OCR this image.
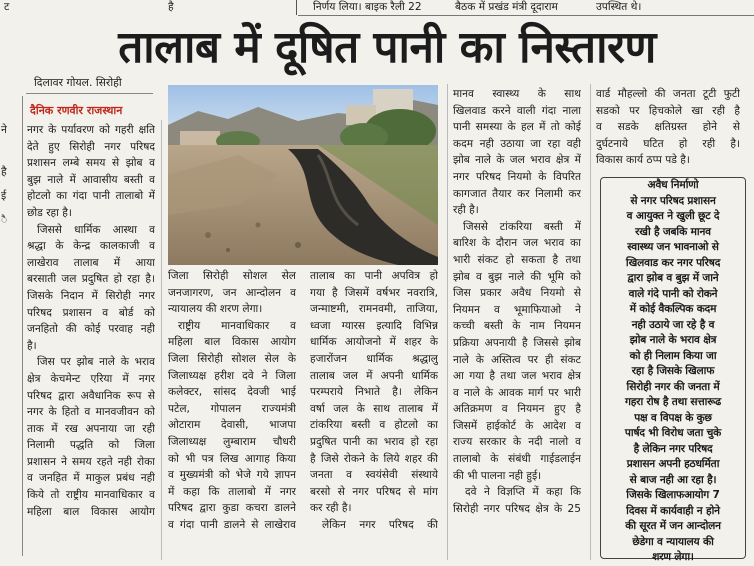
ट	है	निर्णय लिया। बाइक रैली 22	बैठक में प्रखंड मंत्री दूदाराम	उपस्थित थे।
ने
है
ई
ै
तालाब में दूषित पानी का निस्तारण
दिलावर गोयल. सिरोही
दैनिक रणवीर राजस्थान
नगर के पर्यावरण को गहरी क्षति
देते हुए सिरोही नगर परिषद
प्रशासन लम्बे समय से झोब व
बुझ नाले में आवासीय बस्ती व
होटलो का गंदा पानी तालाबो में
छोड रहा है।
जिससे धार्मिक आस्था व
श्रद्धा के केन्द्र कालकाजी व
लाखेराव तालाब में आया
बरसाती जल प्रदुषित हो रहा है।
जिसके निदान में सिरोही नगर
परिषद प्रशासन व बोर्ड को
जनहितो की कोई परवाह नही
है।
जिस पर झोब नाले के भराव
क्षेत्र केचमेन्ट एरिया में नगर
परिषद द्वारा अवैधानिक रूप से
नगर के हितो व मानवजीवन को
ताक में रख अपनाया जा रही
निलामी पद्धति को जिला
प्रशासन ने समय रहते नही रोका
व जनहित में माकुल प्रबंध नही
किये तो राष्ट्रीय मानवाधिकार व
महिला बाल विकास आयोग
जिला सिरोही सोशल सेल
जनजागरण, जन आन्दोलन व
न्यायालय की शरण लेगा।
राष्ट्रीय मानवाधिकार व
महिला बाल विकास आयोग
जिला सिरोही सोशल सेल के
जिलाध्यक्ष हरीश दवे ने जिला
कलेक्टर, सांसद देवजी भाई
पटेल, गोपालन राज्यमंत्री
ओटाराम देवासी, भाजपा
जिलाध्यक्ष लुम्बाराम चौधरी
को भी पत्र लिख आगाह किया
व मुख्यमंत्री को भेजे गये ज्ञापन
में कहा कि तालाबो में नगर
परिषद द्वारा कुडा कचरा डालने
व गंदा पानी डालने से लाखेराव
तालाब का पानी अपवित्र हो
गया है जिसमें वर्षभर नवरात्रि,
जन्माष्टमी, रामनवमी, ताजिया,
ध्वजा ग्यारस इत्यादि विभिन्न
धार्मिक आयोजनो में शहर के
हजारोंजन धार्मिक श्रद्धालु
तालाब जल में अपनी धार्मिक
परम्पराये निभाते है। लेकिन
वर्षा जल के साथ तालाब में
टांकरिया बस्ती व होटलो का
प्रदुषित पानी का भराव हो रहा
है जिसे रोकने के लिये शहर की
जनता व स्वयंसेवी संस्थाये
बरसो से नगर परिषद से मांग
कर रही है।
लेकिन नगर परिषद की
मानव स्वास्थ्य के साथ
खिलवाड करने वाली गंदा नाला
पानी समस्या के हल में तो कोई
कदम नही उठाया जा रहा वही
झोब नाले के जल भराव क्षेत्र में
नगर परिषद नियमो के विपरित
कागजात तैयार कर निलामी कर
रही है।
जिससे टांकरिया बस्ती में
बारिश के दौरान जल भराव का
भारी संकट हो सकता है तथा
झोब व बुझ नाले की भूमि को
जिस प्रकार अवैध नियमो से
नियमन व भूमाफियाओ ने
कच्ची बस्ती के नाम नियमन
प्रक्रिया अपनायी है जिससे झोब
नाले के अस्तित्व पर ही संकट
आ गया है तथा जल भराव क्षेत्र
व नाले के आवक मार्ग पर भारी
अतिक्रमण व नियमन हुए है
जिसमें हाईकोर्ट के आदेश व
राज्य सरकार के नदी नालो व
तालाबो के संबंधी गाईडलाईन
की भी पालना नही हुई।
दवे ने विज्ञप्ति में कहा कि
सिरोही नगर परिषद क्षेत्र के 25
वार्ड मौहल्लो की जनता टूटी फुटी
सडको पर हिचकोले खा रही है
व सडके क्षतिग्रस्त होने से
दुर्घटनाये घटित हो रही है।
विकास कार्य ठप्प पडे है।
अवैध निर्माणो
से नगर परिषद प्रशासन
व आयुक्त ने खुली छूट दे
रखी है जबकि मानव
स्वास्थ्य जन भावनाओ से
खिलवाड कर नगर परिषद
द्वारा झोब व बुझ में जाने
वाले गंदे पानी को रोकने
में कोई वैकल्पिक कदम
नही उठाये जा रहे है व
झोब नाले के भराव क्षेत्र
को ही निलाम किया जा
रहा है जिसके खिलाफ
सिरोही नगर की जनता में
गहरा रोष है तथा सत्तारूढ
पक्ष व विपक्ष के कुछ
पार्षद भी विरोध जता चुके
है लेकिन नगर परिषद
प्रशासन अपनी हठधर्मिता
से बाज नही आ रहा है।
जिसके खिलाफआयोग 7
दिवस में कार्यवाही न होने
की सूरत में जन आन्दोलन
छेडेगा व न्यायालय की
शरण लेगा।
